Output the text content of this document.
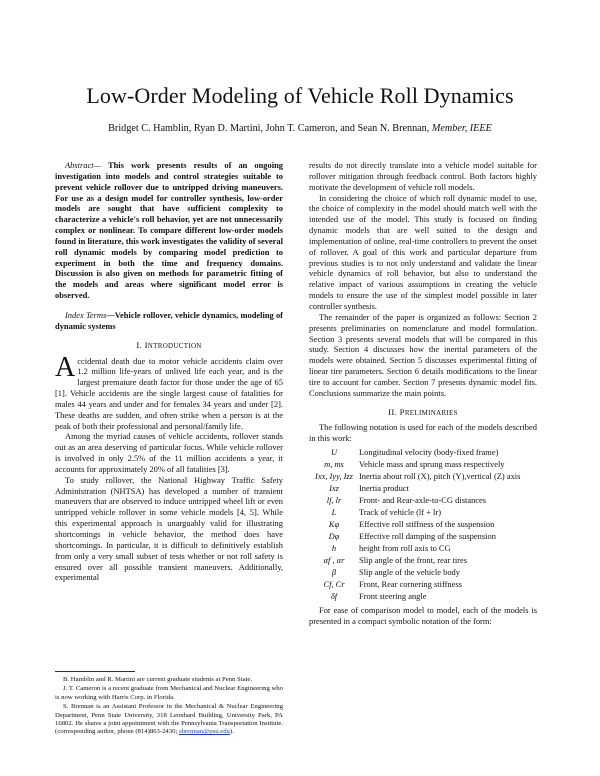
Low-Order Modeling of Vehicle Roll Dynamics
Bridget C. Hamblin, Ryan D. Martini, John T. Cameron, and Sean N. Brennan, Member, IEEE

Abstract— This work presents results of an ongoing investigation into models and control strategies suitable to prevent vehicle rollover due to untripped driving maneuvers. For use as a design model for controller synthesis, low-order models are sought that have sufficient complexity to characterize a vehicle's roll behavior, yet are not unnecessarily complex or nonlinear. To compare different low-order models found in literature, this work investigates the validity of several roll dynamic models by comparing model prediction to experiment in both the time and frequency domains. Discussion is also given on methods for parametric fitting of the models and areas where significant model error is observed.

Index Terms—Vehicle rollover, vehicle dynamics, modeling of dynamic systems

I. INTRODUCTION

Accidental death due to motor vehicle accidents claim over 1.2 million life-years of unlived life each year, and is the largest premature death factor for those under the age of 65 [1]. Vehicle accidents are the single largest cause of fatalities for males 44 years and under and for females 34 years and under [2]. These deaths are sudden, and often strike when a person is at the peak of both their professional and personal/family life.

Among the myriad causes of vehicle accidents, rollover stands out as an area deserving of particular focus. While vehicle rollover is involved in only 2.5% of the 11 million accidents a year, it accounts for approximately 20% of all fatalities [3].

To study rollover, the National Highway Traffic Safety Administration (NHTSA) has developed a number of transient maneuvers that are observed to induce untripped wheel lift or even untripped vehicle rollover in some vehicle models [4, 5]. While this experimental approach is unarguably valid for illustrating shortcomings in vehicle behavior, the method does have shortcomings. In particular, it is difficult to definitively establish from only a very small subset of tests whether or not roll safety is ensured over all possible transient maneuvers. Additionally, experimental

B. Hamblin and R. Martini are current graduate students at Penn State.

J. T. Cameron is a recent graduate from Mechanical and Nuclear Engineering who is now working with Harris Corp. in Florida.

S. Brennan is an Assistant Professor in the Mechanical & Nuclear Engineering Department, Penn State University, 318 Leonhard Building, University Park, PA 16802. He shares a joint appointment with the Pennsylvania Transportation Institute. (corresponding author, phone (814)863-2430; sbrennan@psu.edu).

results do not directly translate into a vehicle model suitable for rollover mitigation through feedback control. Both factors highly motivate the development of vehicle roll models.

In considering the choice of which roll dynamic model to use, the choice of complexity in the model should match well with the intended use of the model. This study is focused on finding dynamic models that are well suited to the design and implementation of online, real-time controllers to prevent the onset of rollover. A goal of this work and particular departure from previous studies is to not only understand and validate the linear vehicle dynamics of roll behavior, but also to understand the relative impact of various assumptions in creating the vehicle models to ensure the use of the simplest model possible in later controller synthesis.

The remainder of the paper is organized as follows: Section 2 presents preliminaries on nomenclature and model formulation. Section 3 presents several models that will be compared in this study. Section 4 discusses how the inertial parameters of the models were obtained. Section 5 discusses experimental fitting of linear tire parameters. Section 6 details modifications to the linear tire to account for camber. Section 7 presents dynamic model fits. Conclusions summarize the main points.

II. PRELIMINARIES

The following notation is used for each of the models described in this work:

U	Longitudinal velocity (body-fixed frame)
m, ms	Vehicle mass and sprung mass respectively
Ixx, Iyy, Izz Inertia about roll (X), pitch (Y),vertical (Z) axis
Ixz	Inertia product
lf, lr	Front- and Rear-axle-to-CG distances
L	Track of vehicle (lf + lr)
Kφ	Effective roll stiffness of the suspension
Dφ	Effective roll damping of the suspension
h	height from roll axis to CG
αf , αr	Slip angle of the front, rear tires
β	Slip angle of the vehicle body
Cf, Cr	Front, Rear cornering stiffness
δf	Front steering angle

For ease of comparison model to model, each of the models is presented in a compact symbolic notation of the form:
